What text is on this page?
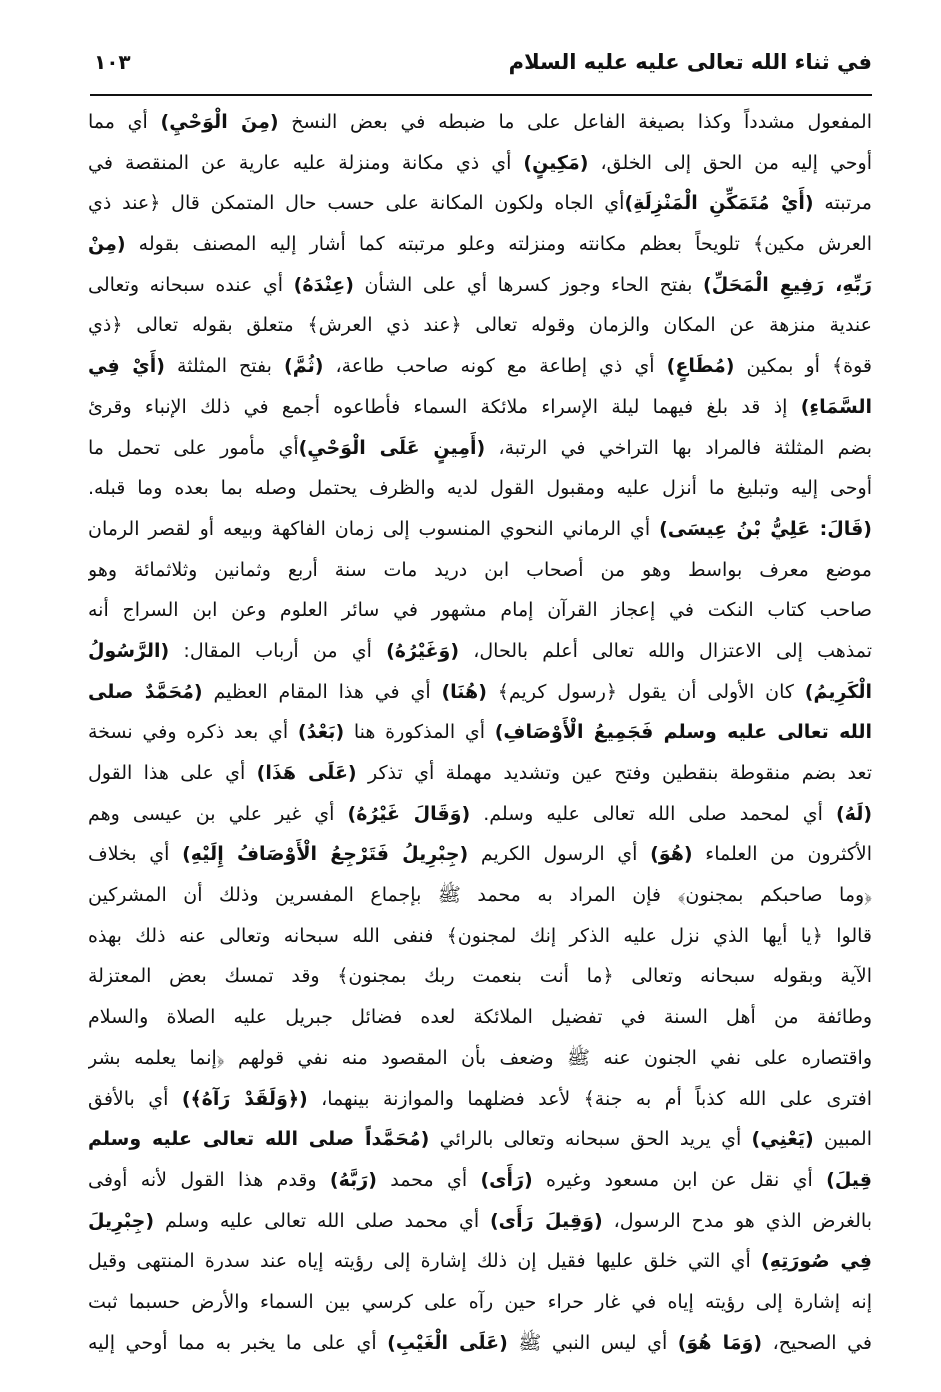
في ثناء الله تعالى عليه عليه السلام
١٠٣
المفعول مشدداً وكذا بصيغة الفاعل على ما ضبطه في بعض النسخ (مِنَ الْوَحْيِ) أي مما
أوحي إليه من الحق إلى الخلق، (مَكِينٍ) أي ذي مكانة ومنزلة عليه عارية عن المنقصة في
مرتبته (أَيْ مُتَمَكِّنِ الْمَنْزِلَةِ)أي الجاه ولكون المكانة على حسب حال المتمكن قال ﴿عند ذي
العرش مكين﴾ تلويحاً بعظم مكانته ومنزلته وعلو مرتبته كما أشار إليه المصنف بقوله (مِنْ
رَبِّهِ، رَفِيعِ الْمَحَلِّ) بفتح الحاء وجوز كسرها أي على الشأن (عِنْدَهُ) أي عنده سبحانه وتعالى
عندية منزهة عن المكان والزمان وقوله تعالى ﴿عند ذي العرش﴾ متعلق بقوله تعالى ﴿ذي
قوة﴾ أو بمكين (مُطَاعٍ) أي ذي إطاعة مع كونه صاحب طاعة، (ثُمَّ) بفتح المثلثة (أَيْ فِي
السَّمَاءِ) إذ قد بلغ فيهما ليلة الإسراء ملائكة السماء فأطاعوه أجمع في ذلك الإنباء وقرئ
بضم المثلثة فالمراد بها التراخي في الرتبة، (أَمِينٍ عَلَى الْوَحْيِ)أي مأمور على تحمل ما
أوحى إليه وتبليغ ما أنزل عليه ومقبول القول لديه والظرف يحتمل وصله بما بعده وما قبله.
(قَالَ: عَلِيُّ بْنُ عِيسَى) أي الرماني النحوي المنسوب إلى زمان الفاكهة وبيعه أو لقصر الرمان
موضع معرف بواسط وهو من أصحاب ابن دريد مات سنة أربع وثمانين وثلاثمائة وهو
صاحب كتاب النكت في إعجاز القرآن إمام مشهور في سائر العلوم وعن ابن السراج أنه
تمذهب إلى الاعتزال والله تعالى أعلم بالحال، (وَغَيْرُهُ) أي من أرباب المقال: (الرَّسُولُ
الْكَرِيمُ) كان الأولى أن يقول ﴿رسول كريم﴾ (هُنَا) أي في هذا المقام العظيم (مُحَمَّدٌ صلى
الله تعالى عليه وسلم فَجَمِيعُ الْأَوْصَافِ) أي المذكورة هنا (بَعْدُ) أي بعد ذكره وفي نسخة
تعد بضم منقوطة بنقطين وفتح عين وتشديد مهملة أي تذكر (عَلَى هَذَا) أي على هذا القول
(لَهُ) أي لمحمد صلى الله تعالى عليه وسلم. (وَقَالَ غَيْرُهُ) أي غير علي بن عيسى وهم
الأكثرون من العلماء (هُوَ) أي الرسول الكريم (جِبْرِيلُ فَتَرْجِعُ الْأَوْصَافُ إِلَيْهِ) أي بخلاف
﴿وما صاحبكم بمجنون﴾ فإن المراد به محمد ﷺ بإجماع المفسرين وذلك أن المشركين
قالوا ﴿يا أيها الذي نزل عليه الذكر إنك لمجنون﴾ فنفى الله سبحانه وتعالى عنه ذلك بهذه
الآية وبقوله سبحانه وتعالى ﴿ما أنت بنعمت ربك بمجنون﴾ وقد تمسك بعض المعتزلة
وطائفة من أهل السنة في تفضيل الملائكة لعده فضائل جبريل عليه الصلاة والسلام
واقتصاره على نفي الجنون عنه ﷺ وضعف بأن المقصود منه نفي قولهم ﴿إنما يعلمه بشر
افترى على الله كذباً أم به جنة﴾ لأعد فضلهما والموازنة بينهما، (﴿وَلَقَدْ رَآهُ﴾) أي بالأفق
المبين (يَعْنِي) أي يريد الحق سبحانه وتعالى بالرائي (مُحَمَّداً صلى الله تعالى عليه وسلم
قِيلَ) أي نقل عن ابن مسعود وغيره (رَأَى) أي محمد (رَبَّهُ) وقدم هذا القول لأنه أوفى
بالغرض الذي هو مدح الرسول، (وَقِيلَ رَأَى) أي محمد صلى الله تعالى عليه وسلم (جِبْرِيلَ
فِي صُورَتِهِ) أي التي خلق عليها فقيل إن ذلك إشارة إلى رؤيته إياه عند سدرة المنتهى وقيل
إنه إشارة إلى رؤيته إياه في غار حراء حين رآه على كرسي بين السماء والأرض حسبما ثبت
في الصحيح، (وَمَا هُوَ) أي ليس النبي ﷺ (عَلَى الْغَيْبِ) أي على ما يخبر به مما أوحي إليه
